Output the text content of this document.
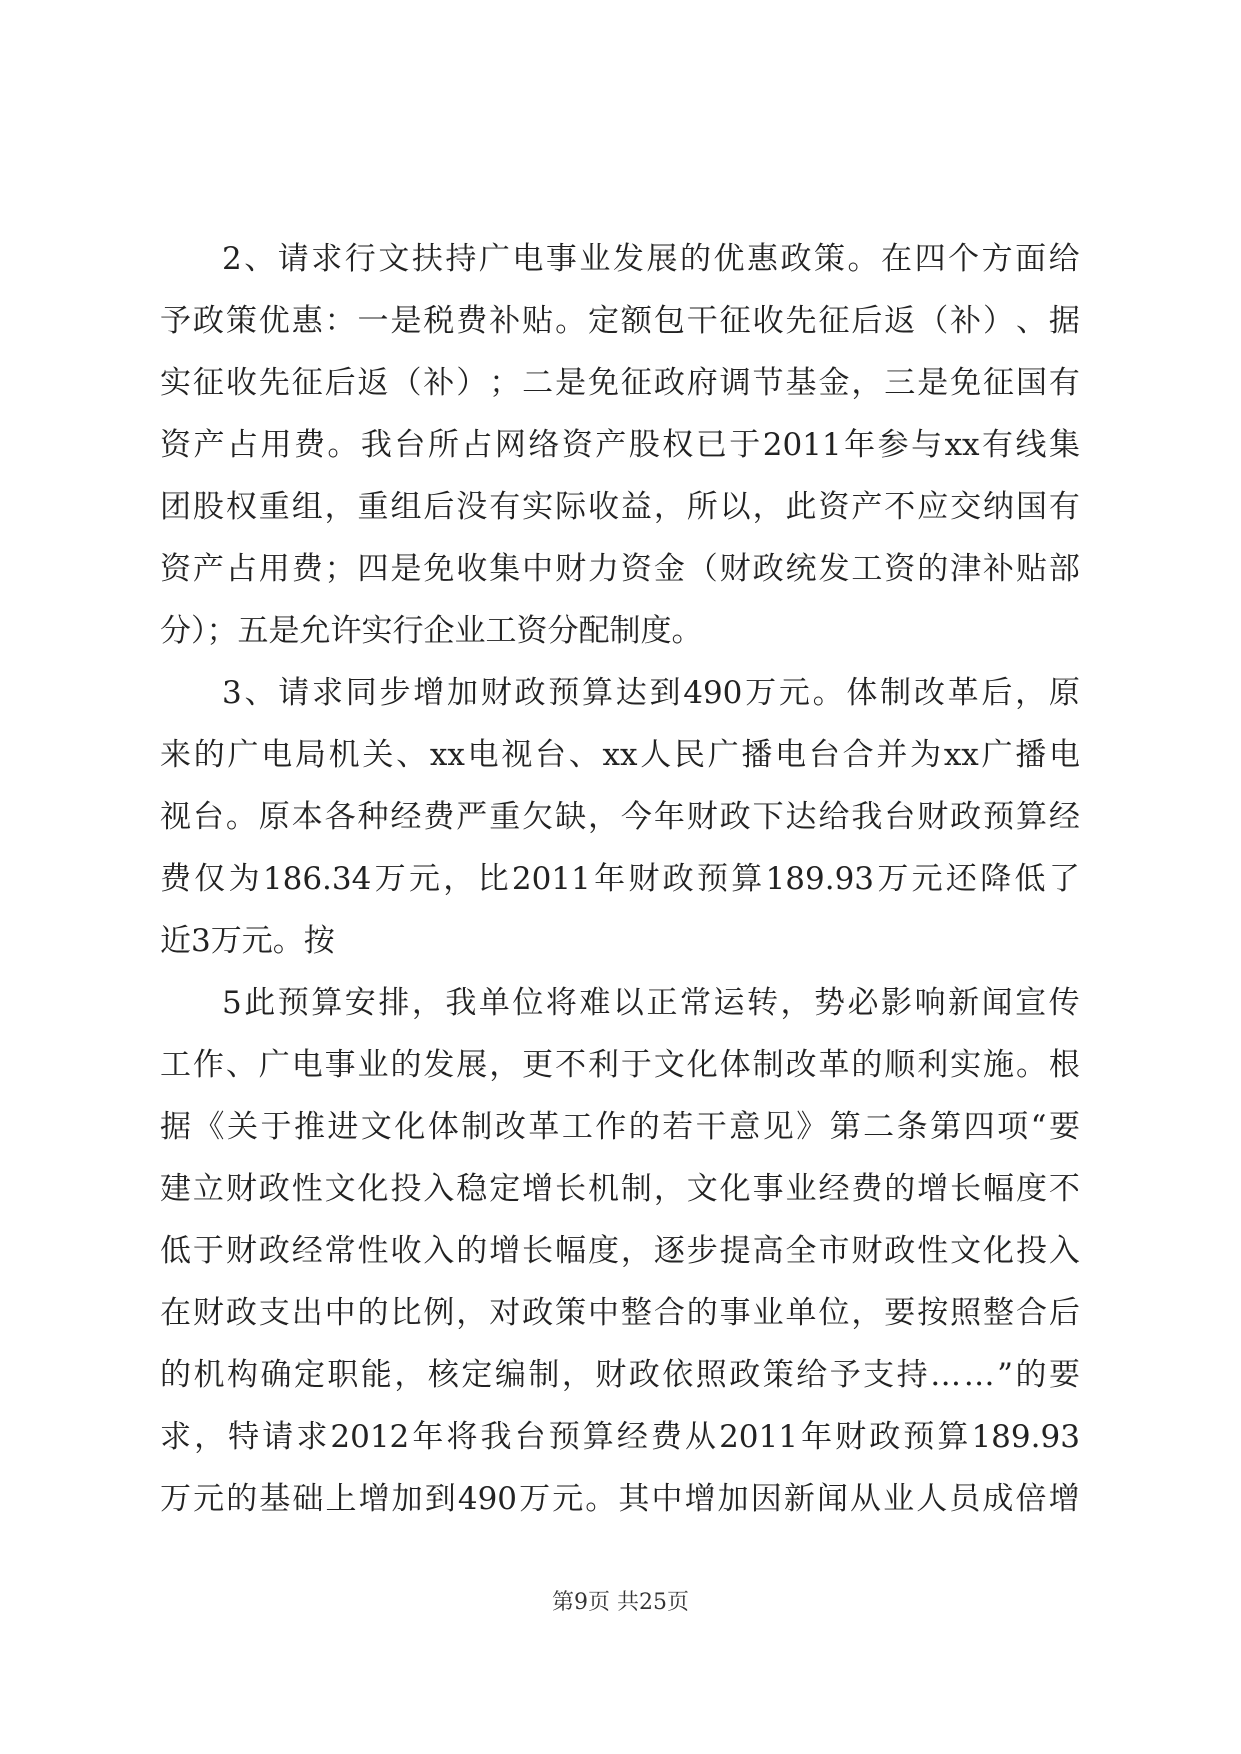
2 、 请 求 行 文 扶 持 广 电 事 业 发 展 的 优 惠 政 策 。 在 四 个 方 面 给
予 政 策 优 惠 ： 一 是 税 费 补 贴 。 定 额 包 干 征 收 先 征 后 返 （ 补 ） 、 据
实 征 收 先 征 后 返 （ 补 ） ； 二 是 免 征 政 府 调 节 基 金 ， 三 是 免 征 国 有
资 产 占 用 费 。 我 台 所 占 网 络 资 产 股 权 已 于 2011 年 参 与 xx 有 线 集
团 股 权 重 组 ， 重 组 后 没 有 实 际 收 益 ， 所 以 ， 此 资 产 不 应 交 纳 国 有
资 产 占 用 费 ； 四 是 免 收 集 中 财 力 资 金 （ 财 政 统 发 工 资 的 津 补 贴 部
分）；五是允许实行企业工资分配制度。
3 、 请 求 同 步 增 加 财 政 预 算 达 到 490 万 元 。 体 制 改 革 后 ， 原
来 的 广 电 局 机 关 、 xx 电 视 台 、 xx 人 民 广 播 电 台 合 并 为 xx 广 播 电
视 台 。 原 本 各 种 经 费 严 重 欠 缺 ， 今 年 财 政 下 达 给 我 台 财 政 预 算 经
费 仅 为 186.34 万 元 ， 比 2011 年 财 政 预 算 189.93 万 元 还 降 低 了
近3万元。按
5 此 预 算 安 排 ， 我 单 位 将 难 以 正 常 运 转 ， 势 必 影 响 新 闻 宣 传
工 作 、 广 电 事 业 的 发 展 ， 更 不 利 于 文 化 体 制 改 革 的 顺 利 实 施 。 根
据 《 关 于 推 进 文 化 体 制 改 革 工 作 的 若 干 意 见 》 第 二 条 第 四 项 “ 要
建 立 财 政 性 文 化 投 入 稳 定 增 长 机 制 ， 文 化 事 业 经 费 的 增 长 幅 度 不
低 于 财 政 经 常 性 收 入 的 增 长 幅 度 ， 逐 步 提 高 全 市 财 政 性 文 化 投 入
在 财 政 支 出 中 的 比 例 ， 对 政 策 中 整 合 的 事 业 单 位 ， 要 按 照 整 合 后
的 机 构 确 定 职 能 ， 核 定 编 制 ， 财 政 依 照 政 策 给 予 支 持 … … ” 的 要
求 ， 特 请 求 2012 年 将 我 台 预 算 经 费 从 2011 年 财 政 预 算 189.93
万 元 的 基 础 上 增 加 到 490 万 元 。 其 中 增 加 因 新 闻 从 业 人 员 成 倍 增
第9页 共25页
